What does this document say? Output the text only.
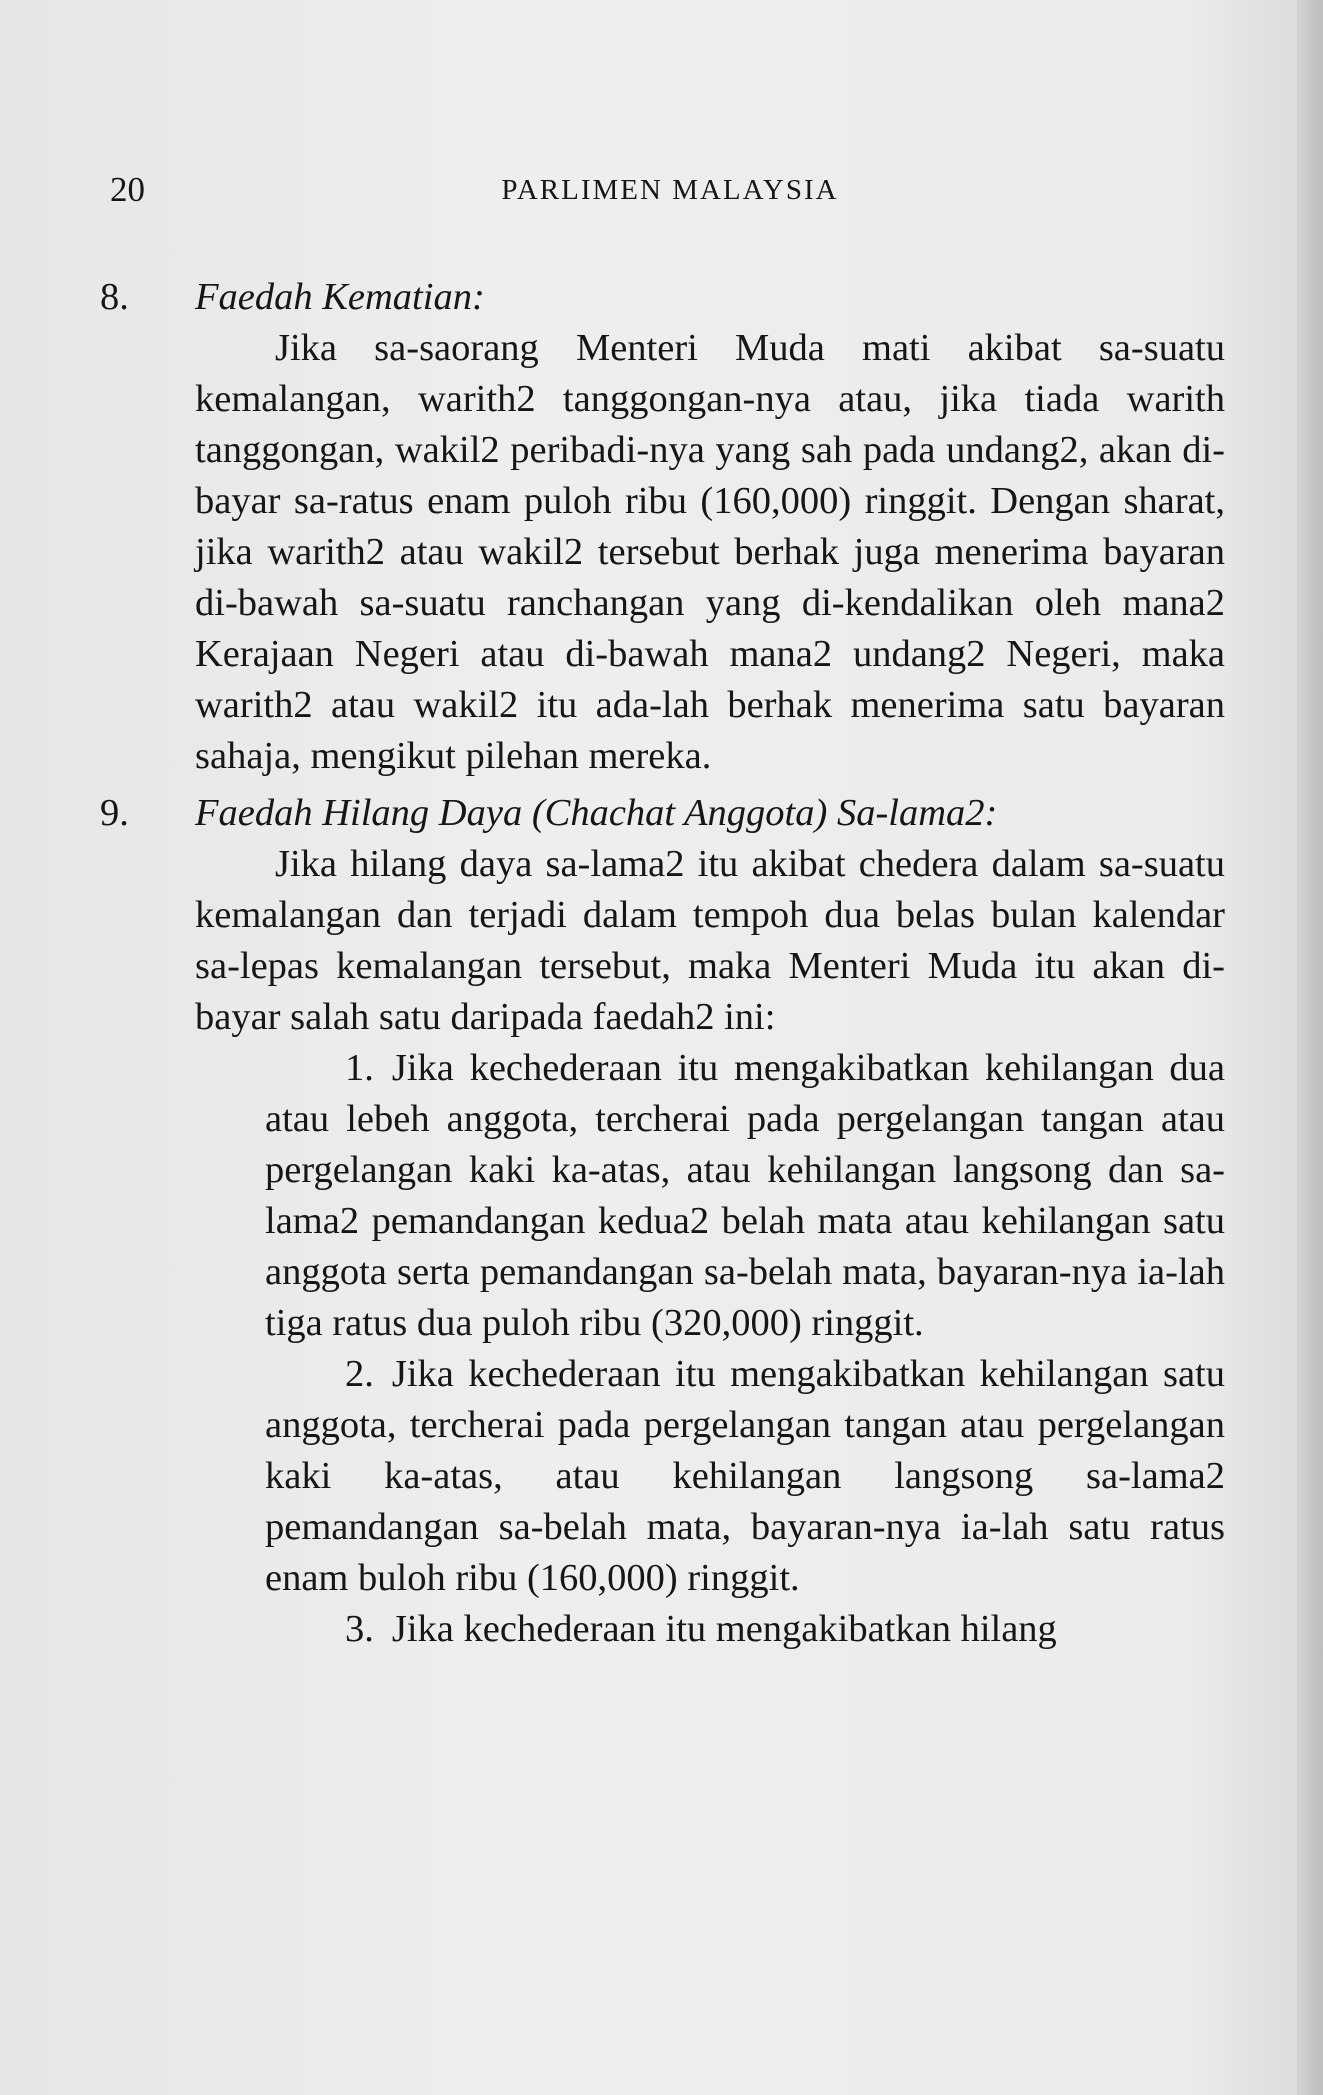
20	PARLIMEN MALAYSIA
8. Faedah Kematian:

Jika sa-saorang Menteri Muda mati akibat sa-suatu kemalangan, warith2 tanggongan-nya atau, jika tiada warith tanggongan, wakil2 peribadi-nya yang sah pada undang2, akan di-bayar sa-ratus enam puloh ribu (160,000) ringgit. Dengan sharat, jika warith2 atau wakil2 tersebut berhak juga menerima bayaran di-bawah sa-suatu ranchangan yang di-kendalikan oleh mana2 Kerajaan Negeri atau di-bawah mana2 undang2 Negeri, maka warith2 atau wakil2 itu ada-lah berhak menerima satu bayaran sahaja, mengikut pilehan mereka.

9. Faedah Hilang Daya (Chachat Anggota) Sa-lama2:

Jika hilang daya sa-lama2 itu akibat chedera dalam sa-suatu kemalangan dan terjadi dalam tempoh dua belas bulan kalendar sa-lepas kemalangan tersebut, maka Menteri Muda itu akan di-bayar salah satu daripada faedah2 ini:

1. Jika kechederaan itu mengakibatkan kehilangan dua atau lebeh anggota, tercherai pada pergelangan tangan atau pergelangan kaki ka-atas, atau kehilangan langsong dan sa-lama2 pemandangan kedua2 belah mata atau kehilangan satu anggota serta pemandangan sa-belah mata, bayaran-nya ia-lah tiga ratus dua puloh ribu (320,000) ringgit.
2. Jika kechederaan itu mengakibatkan kehilangan satu anggota, tercherai pada pergelangan tangan atau pergelangan kaki ka-atas, atau kehilangan langsong sa-lama2 pemandangan sa-belah mata, bayaran-nya ia-lah satu ratus enam buloh ribu (160,000) ringgit.
3. Jika kechederaan itu mengakibatkan hilang
